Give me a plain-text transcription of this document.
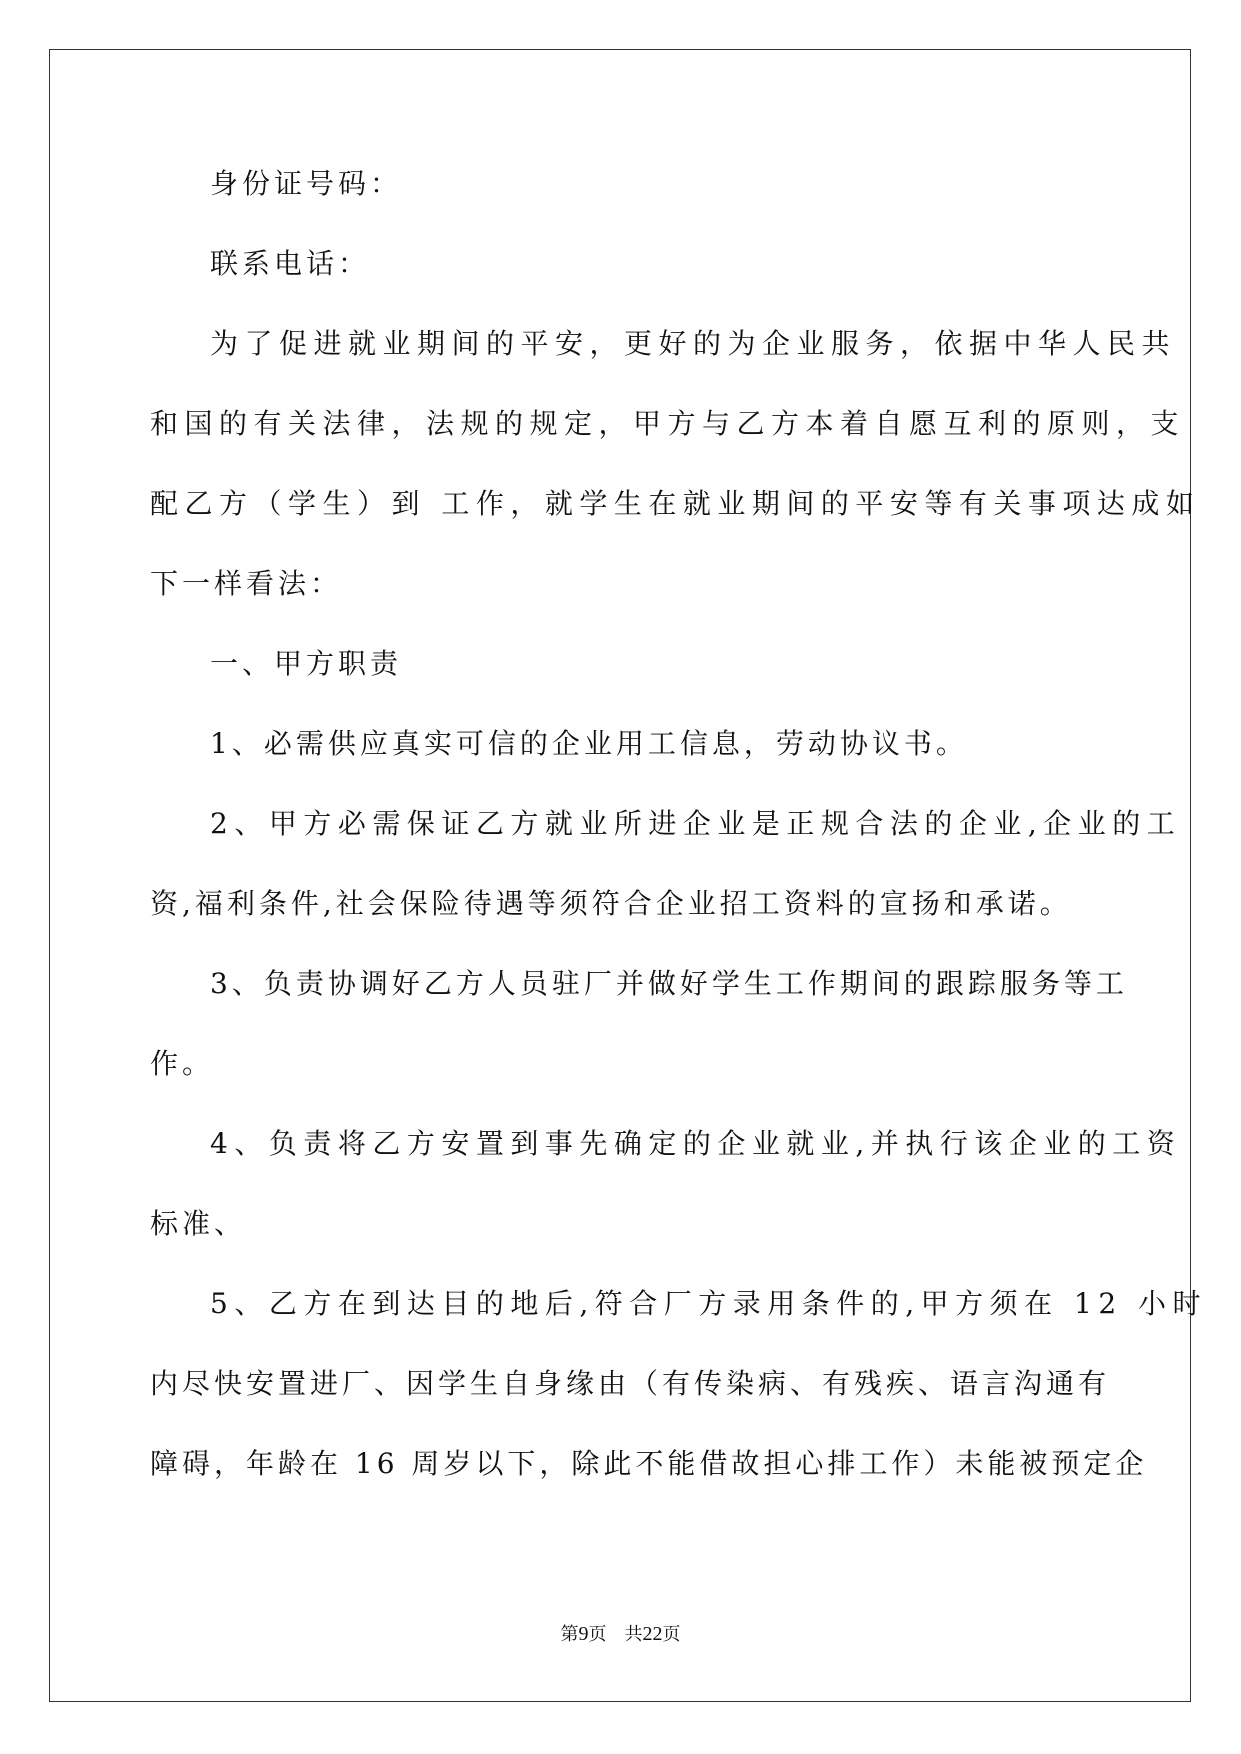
身份证号码：
联系电话：
为了促进就业期间的平安，更好的为企业服务，依据中华人民共
和国的有关法律，法规的规定，甲方与乙方本着自愿互利的原则，支
配乙方（学生）到 工作，就学生在就业期间的平安等有关事项达成如
下一样看法：
一、甲方职责
1、必需供应真实可信的企业用工信息，劳动协议书。
2、甲方必需保证乙方就业所进企业是正规合法的企业,企业的工
资,福利条件,社会保险待遇等须符合企业招工资料的宣扬和承诺。
3、负责协调好乙方人员驻厂并做好学生工作期间的跟踪服务等工
作。
4、负责将乙方安置到事先确定的企业就业,并执行该企业的工资
标准、
5、乙方在到达目的地后,符合厂方录用条件的,甲方须在 12 小时
内尽快安置进厂、因学生自身缘由（有传染病、有残疾、语言沟通有
障碍，年龄在 16 周岁以下，除此不能借故担心排工作）未能被预定企
第9页 共22页
